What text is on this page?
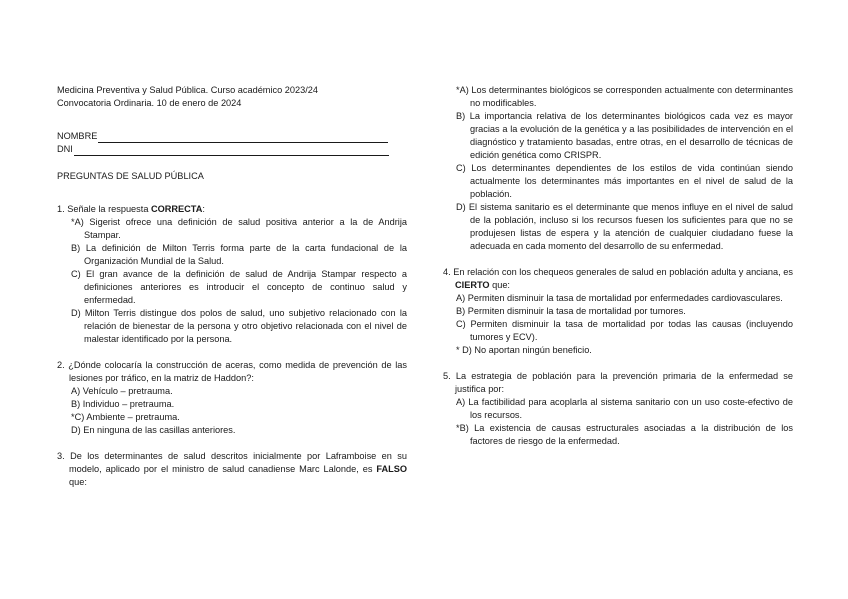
Medicina Preventiva y Salud Pública. Curso académico 2023/24

Convocatoria Ordinaria. 10 de enero de 2024

NOMBRE
DNI

PREGUNTAS DE SALUD PÚBLICA

1. Señale la respuesta CORRECTA:

*A) Sigerist ofrece una definición de salud positiva anterior a la de Andrija Stampar.

B) La definición de Milton Terris forma parte de la carta fundacional de la Organización Mundial de la Salud.

C) El gran avance de la definición de salud de Andrija Stampar respecto a definiciones anteriores es introducir el concepto de continuo salud y enfermedad.

D) Milton Terris distingue dos polos de salud, uno subjetivo relacionado con la relación de bienestar de la persona y otro objetivo relacionada con el nivel de malestar identificado por la persona.

2. ¿Dónde colocaría la construcción de aceras, como medida de prevención de las lesiones por tráfico, en la matriz de Haddon?:

A) Vehículo – pretrauma.

B) Individuo – pretrauma.

*C) Ambiente – pretrauma.

D) En ninguna de las casillas anteriores.

3. De los determinantes de salud descritos inicialmente por Laframboise en su modelo, aplicado por el ministro de salud canadiense Marc Lalonde, es FALSO que:

*A) Los determinantes biológicos se corresponden actualmente con determinantes no modificables.

B) La importancia relativa de los determinantes biológicos cada vez es mayor gracias a la evolución de la genética y a las posibilidades de intervención en el diagnóstico y tratamiento basadas, entre otras, en el desarrollo de técnicas de edición genética como CRISPR.

C) Los determinantes dependientes de los estilos de vida continúan siendo actualmente los determinantes más importantes en el nivel de salud de la población.

D) El sistema sanitario es el determinante que menos influye en el nivel de salud de la población, incluso si los recursos fuesen los suficientes para que no se produjesen listas de espera y la atención de cualquier ciudadano fuese la adecuada en cada momento del desarrollo de su enfermedad.

4. En relación con los chequeos generales de salud en población adulta y anciana, es CIERTO que:

A) Permiten disminuir la tasa de mortalidad por enfermedades cardiovasculares.

B) Permiten disminuir la tasa de mortalidad por tumores.

C) Permiten disminuir la tasa de mortalidad por todas las causas (incluyendo tumores y ECV).

* D) No aportan ningún beneficio.

5. La estrategia de población para la prevención primaria de la enfermedad se justifica por:

A) La factibilidad para acoplarla al sistema sanitario con un uso coste-efectivo de los recursos.

*B) La existencia de causas estructurales asociadas a la distribución de los factores de riesgo de la enfermedad.
